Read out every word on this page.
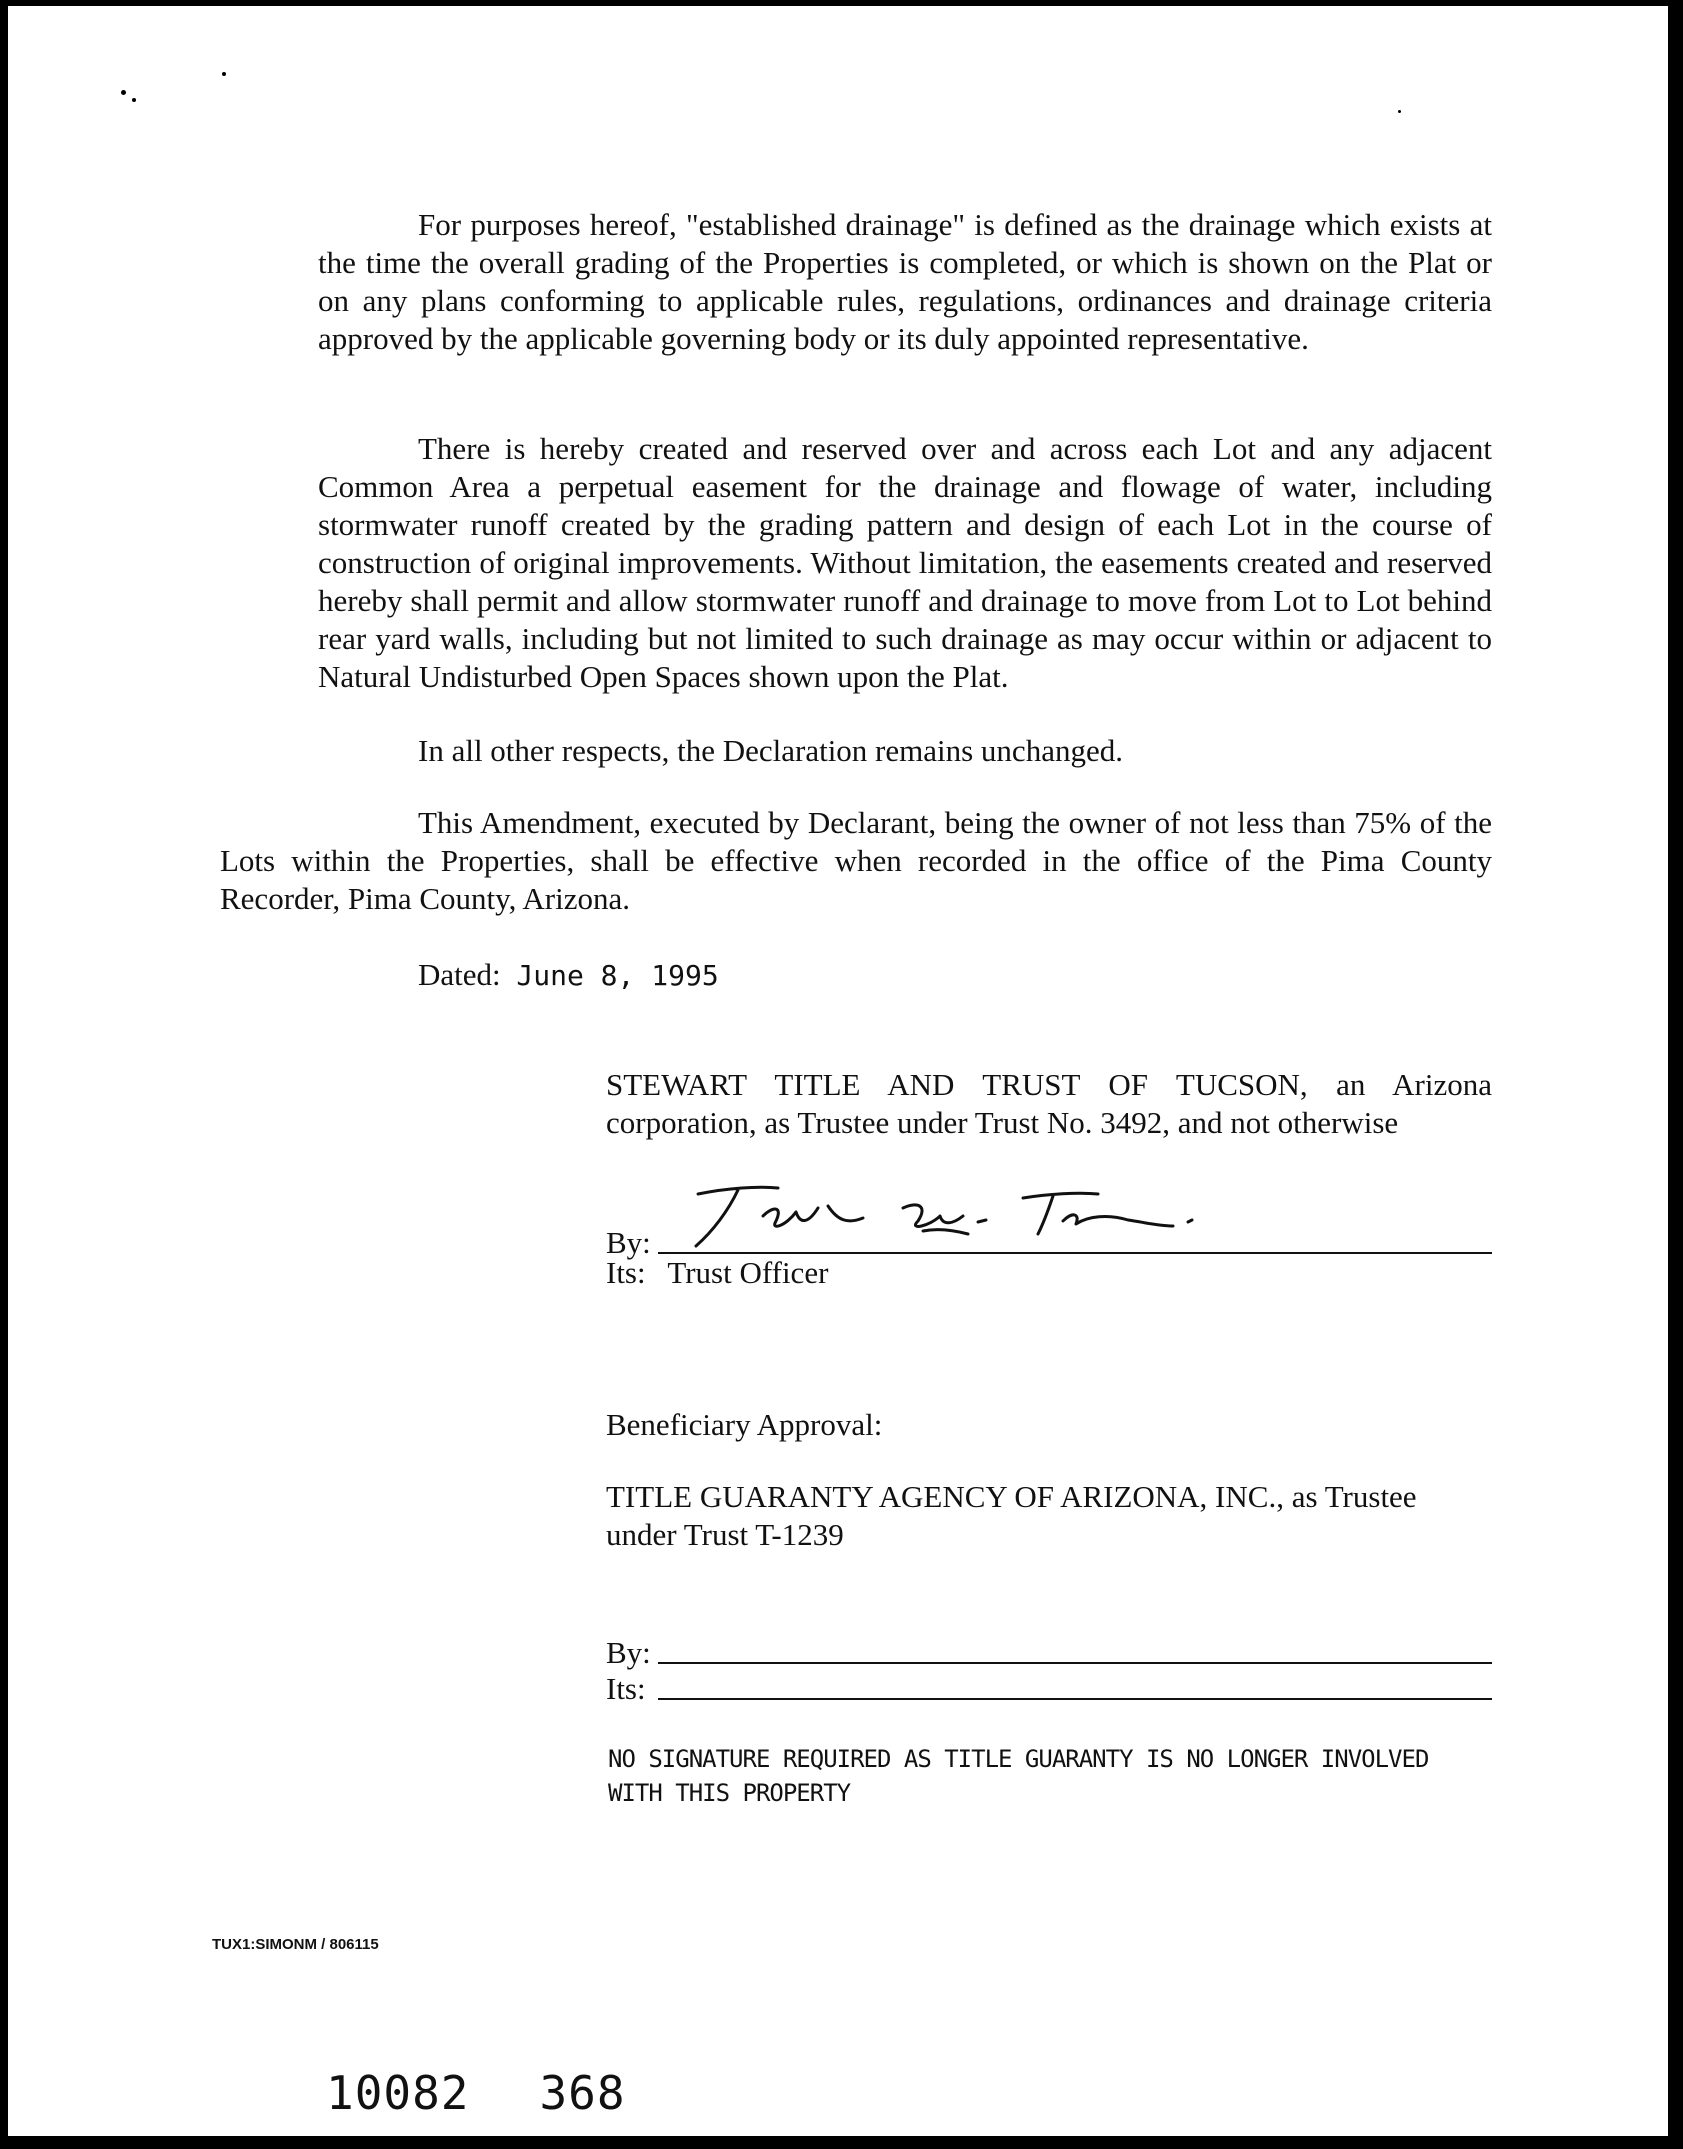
For purposes hereof, "established drainage" is defined as the drainage which exists at the time the overall grading of the Properties is completed, or which is shown on the Plat or on any plans conforming to applicable rules, regulations, ordinances and drainage criteria approved by the applicable governing body or its duly appointed representative.

There is hereby created and reserved over and across each Lot and any adjacent Common Area a perpetual easement for the drainage and flowage of water, including stormwater runoff created by the grading pattern and design of each Lot in the course of construction of original improvements. Without limitation, the easements created and reserved hereby shall permit and allow stormwater runoff and drainage to move from Lot to Lot behind rear yard walls, including but not limited to such drainage as may occur within or adjacent to Natural Undisturbed Open Spaces shown upon the Plat.

In all other respects, the Declaration remains unchanged.

This Amendment, executed by Declarant, being the owner of not less than 75% of the Lots within the Properties, shall be effective when recorded in the office of the Pima County Recorder, Pima County, Arizona.

Dated: June 8, 1995

STEWART TITLE AND TRUST OF TUCSON, an Arizona corporation, as Trustee under Trust No. 3492, and not otherwise

By:
Its: Trust Officer

Beneficiary Approval:

TITLE GUARANTY AGENCY OF ARIZONA, INC., as Trustee under Trust T-1239

By:
Its:
NO SIGNATURE REQUIRED AS TITLE GUARANTY IS NO LONGER INVOLVED WITH THIS PROPERTY
TUX1:SIMONM / 806115
10082 368
